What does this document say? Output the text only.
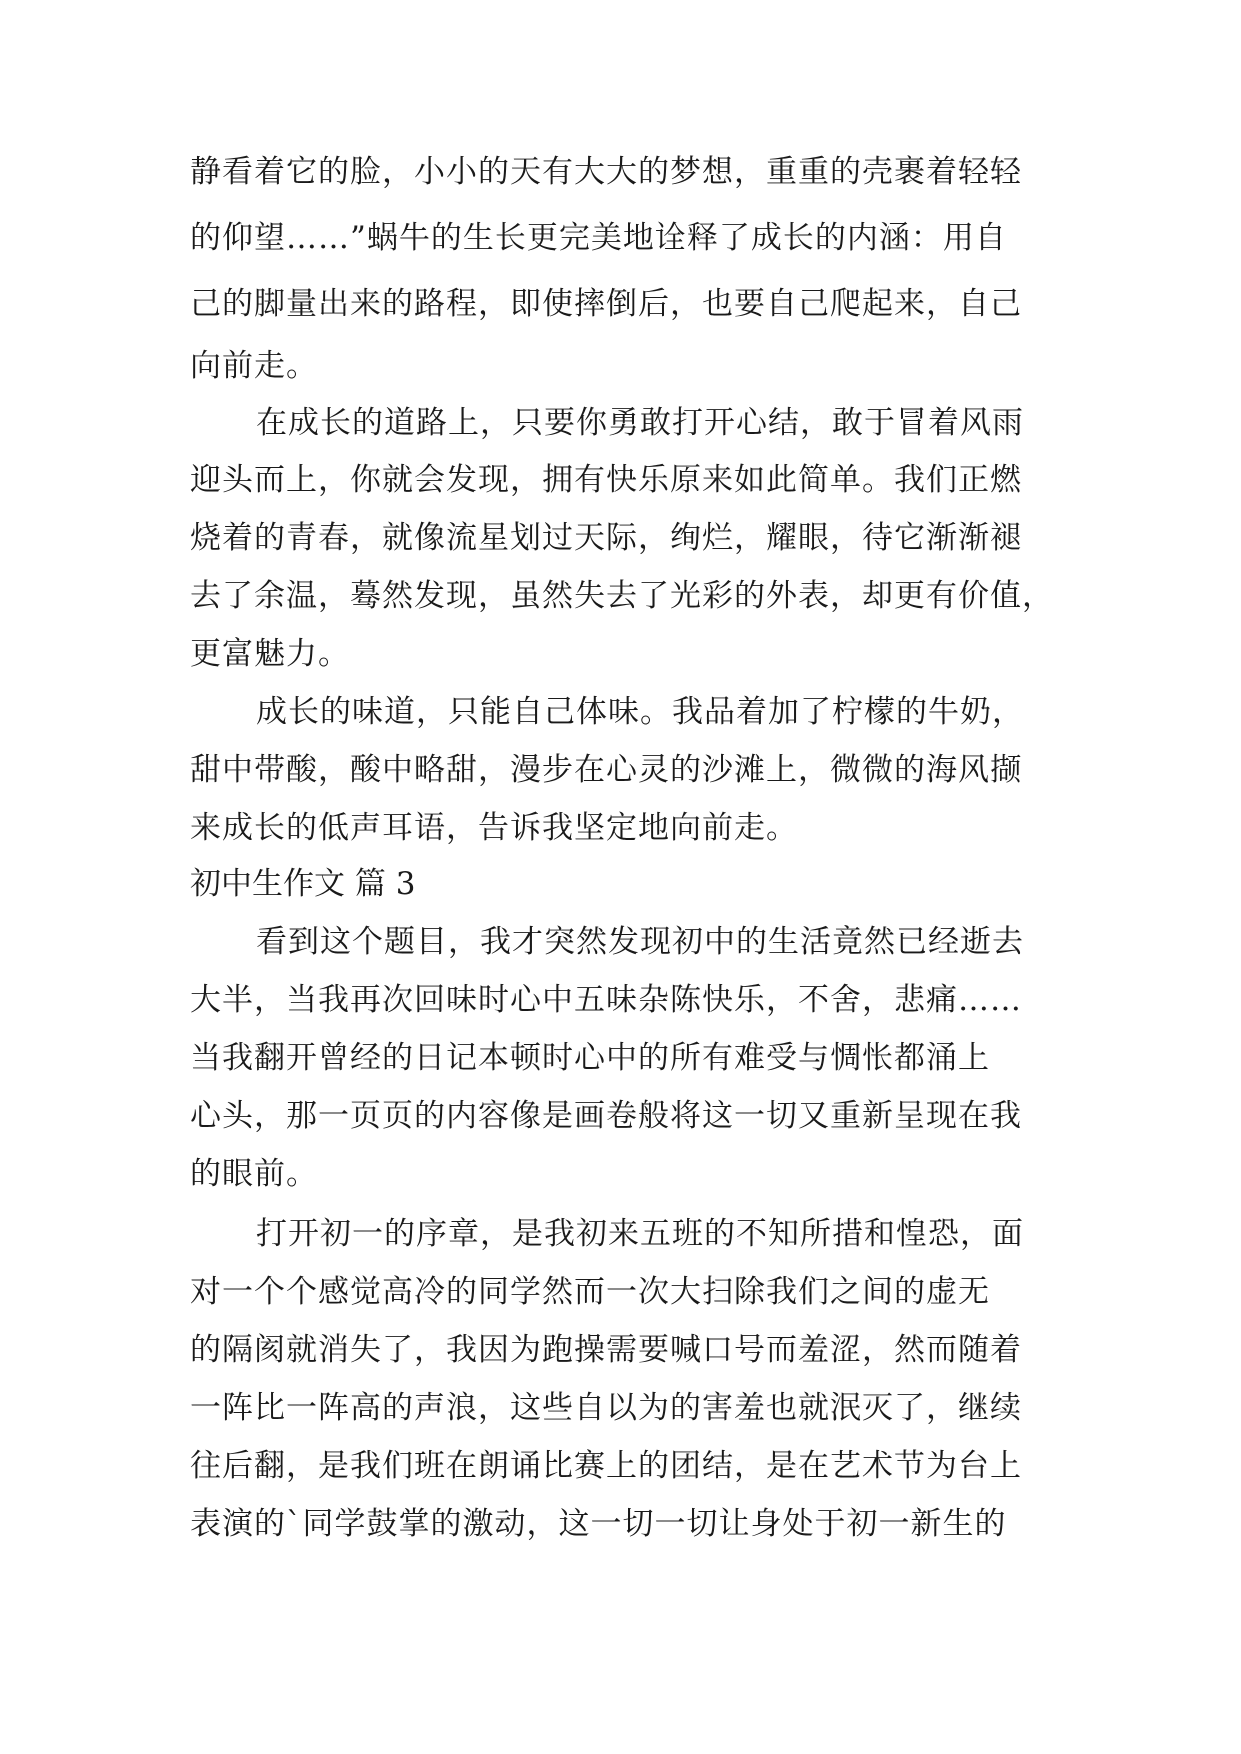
静看着它的脸，小小的天有大大的梦想，重重的壳裹着轻轻
的仰望……”蜗牛的生长更完美地诠释了成长的内涵：用自
己的脚量出来的路程，即使摔倒后，也要自己爬起来，自己
向前走。
在成长的道路上，只要你勇敢打开心结，敢于冒着风雨
迎头而上，你就会发现，拥有快乐原来如此简单。我们正燃
烧着的青春，就像流星划过天际，绚烂，耀眼，待它渐渐褪
去了余温，蓦然发现，虽然失去了光彩的外表，却更有价值，
更富魅力。
成长的味道，只能自己体味。我品着加了柠檬的牛奶，
甜中带酸，酸中略甜，漫步在心灵的沙滩上，微微的海风撷
来成长的低声耳语，告诉我坚定地向前走。
初中生作文 篇 3
看到这个题目，我才突然发现初中的生活竟然已经逝去
大半，当我再次回味时心中五味杂陈快乐，不舍，悲痛……
当我翻开曾经的日记本顿时心中的所有难受与惆怅都涌上
心头，那一页页的内容像是画卷般将这一切又重新呈现在我
的眼前。
打开初一的序章，是我初来五班的不知所措和惶恐，面
对一个个感觉高冷的同学然而一次大扫除我们之间的虚无
的隔阂就消失了，我因为跑操需要喊口号而羞涩，然而随着
一阵比一阵高的声浪，这些自以为的害羞也就泯灭了，继续
往后翻，是我们班在朗诵比赛上的团结，是在艺术节为台上
表演的`同学鼓掌的激动，这一切一切让身处于初一新生的
